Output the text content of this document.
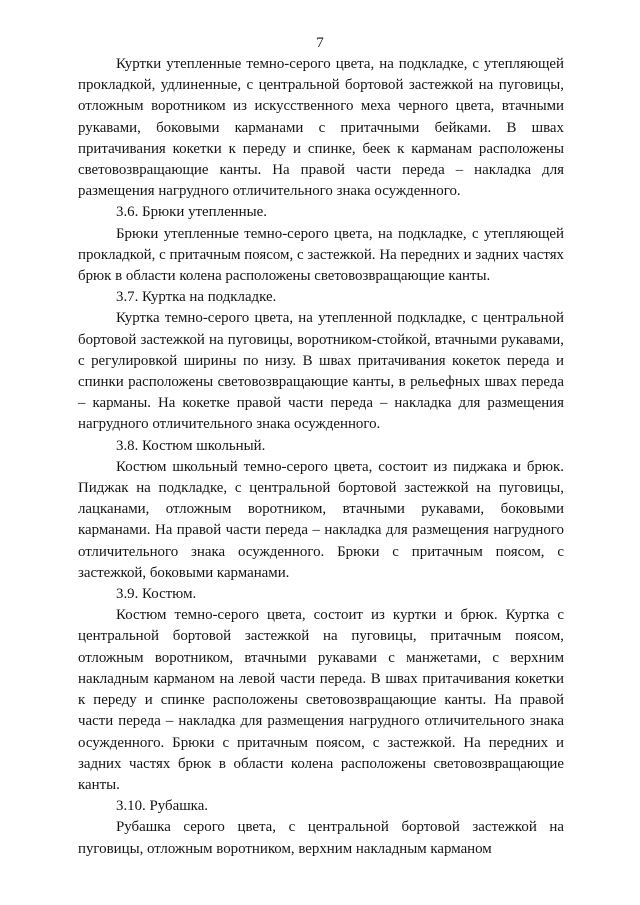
7

Куртки утепленные темно-серого цвета, на подкладке, с утепляющей прокладкой, удлиненные, с центральной бортовой застежкой на пуговицы, отложным воротником из искусственного меха черного цвета, втачными рукавами, боковыми карманами с притачными бейками. В швах притачивания кокетки к переду и спинке, беек к карманам расположены световозвращающие канты. На правой части переда – накладка для размещения нагрудного отличительного знака осужденного.

3.6. Брюки утепленные.

Брюки утепленные темно-серого цвета, на подкладке, с утепляющей прокладкой, с притачным поясом, с застежкой. На передних и задних частях брюк в области колена расположены световозвращающие канты.

3.7. Куртка на подкладке.

Куртка темно-серого цвета, на утепленной подкладке, с центральной бортовой застежкой на пуговицы, воротником-стойкой, втачными рукавами, с регулировкой ширины по низу. В швах притачивания кокеток переда и спинки расположены световозвращающие канты, в рельефных швах переда – карманы. На кокетке правой части переда – накладка для размещения нагрудного отличительного знака осужденного.

3.8. Костюм школьный.

Костюм школьный темно-серого цвета, состоит из пиджака и брюк. Пиджак на подкладке, с центральной бортовой застежкой на пуговицы, лацканами, отложным воротником, втачными рукавами, боковыми карманами. На правой части переда – накладка для размещения нагрудного отличительного знака осужденного. Брюки с притачным поясом, с застежкой, боковыми карманами.

3.9. Костюм.

Костюм темно-серого цвета, состоит из куртки и брюк. Куртка с центральной бортовой застежкой на пуговицы, притачным поясом, отложным воротником, втачными рукавами с манжетами, с верхним накладным карманом на левой части переда. В швах притачивания кокетки к переду и спинке расположены световозвращающие канты. На правой части переда – накладка для размещения нагрудного отличительного знака осужденного. Брюки с притачным поясом, с застежкой. На передних и задних частях брюк в области колена расположены световозвращающие канты.

3.10. Рубашка.

Рубашка серого цвета, с центральной бортовой застежкой на пуговицы, отложным воротником, верхним накладным карманом
